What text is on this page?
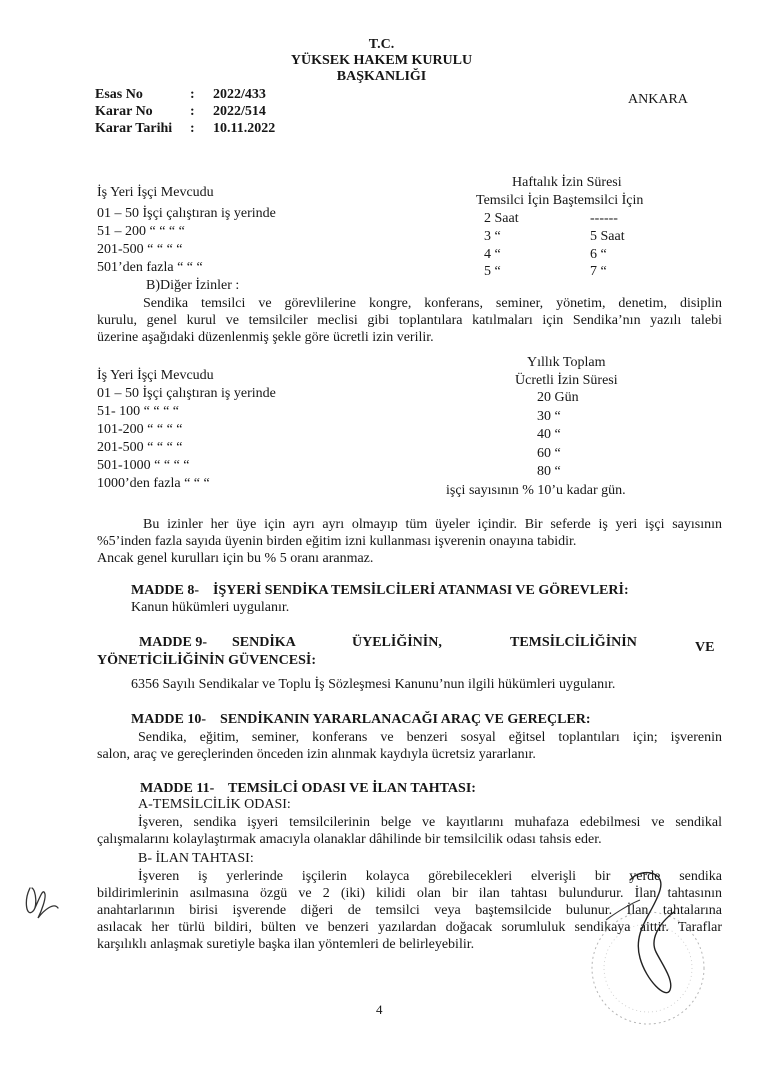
T.C.
YÜKSEK HAKEM KURULU
BAŞKANLIĞI
ANKARA
Esas No	: 2022/433
Karar No	: 2022/514
Karar Tarihi : 10.11.2022
Haftalık İzin Süresi
Temsilci İçin Baştemsilci İçin
İş Yeri İşçi Mevcudu
01 – 50 İşçi çalıştıran iş yerinde	2 Saat	------
51 – 200 “ “ “ “	3 “	5 Saat
201-500 “ “ “ “	4 “	6 “
501’den fazla “ “ “	5 “	7 “
B)Diğer İzinler :
Sendika temsilci ve görevlilerine kongre, konferans, seminer, yönetim, denetim, disiplin
kurulu, genel kurul ve temsilciler meclisi gibi toplantılara katılmaları için Sendika’nın yazılı talebi
üzerine aşağıdaki düzenlenmiş şekle göre ücretli izin verilir.
Yıllık Toplam
Ücretli İzin Süresi
İş Yeri İşçi Mevcudu
01 – 50 İşçi çalıştıran iş yerinde	20 Gün
51- 100 “ “ “ “	30 “
101-200 “ “ “ “	40 “
201-500 “ “ “ “	60 “
501-1000 “ “ “ “	80 “
1000’den fazla “ “ “	işçi sayısının % 10’u kadar gün.
Bu izinler her üye için ayrı ayrı olmayıp tüm üyeler içindir. Bir seferde iş yeri işçi sayısının
%5’inden fazla sayıda üyenin birden eğitim izni kullanması işverenin onayına tabidir.
Ancak genel kurulları için bu % 5 oranı aranmaz.
MADDE 8-    İŞYERİ SENDİKA TEMSİLCİLERİ ATANMASI VE GÖREVLERİ:
Kanun hükümleri uygulanır.
MADDE 9- SENDİKA	ÜYELİĞİNİN,	TEMSİLCİLİĞİNİN	VE
YÖNETİCİLİĞİNİN GÜVENCESİ:
6356 Sayılı Sendikalar ve Toplu İş Sözleşmesi Kanunu’nun ilgili hükümleri uygulanır.
MADDE 10-    SENDİKANIN YARARLANACAĞI ARAÇ VE GEREÇLER:
Sendika, eğitim, seminer, konferans ve benzeri sosyal eğitsel toplantıları için; işverenin
salon, araç ve gereçlerinden önceden izin alınmak kaydıyla ücretsiz yararlanır.
MADDE 11-    TEMSİLCİ ODASI VE İLAN TAHTASI:
A-TEMSİLCİLİK ODASI:
İşveren, sendika işyeri temsilcilerinin belge ve kayıtlarını muhafaza edebilmesi ve sendikal
çalışmalarını kolaylaştırmak amacıyla olanaklar dâhilinde bir temsilcilik odası tahsis eder.
B- İLAN TAHTASI:
İşveren iş yerlerinde işçilerin kolayca görebilecekleri elverişli bir yerde sendika
bildirimlerinin asılmasına özgü ve 2 (iki) kilidi olan bir ilan tahtası bulundurur. İlan tahtasının
anahtarlarının birisi işverende diğeri de temsilci veya baştemsilcide bulunur. İlan tahtalarına
asılacak her türlü bildiri, bülten ve benzeri yazılardan doğacak sorumluluk sendikaya aittir. Taraflar
karşılıklı anlaşmak suretiyle başka ilan yöntemleri de belirleyebilir.
4
